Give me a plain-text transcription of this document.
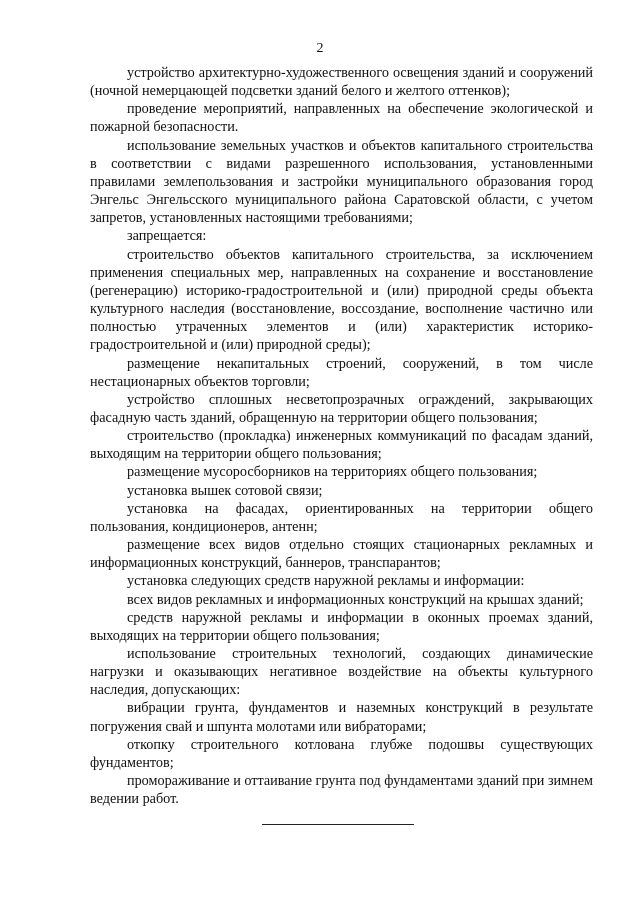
2

устройство архитектурно-художественного освещения зданий и сооружений (ночной немерцающей подсветки зданий белого и желтого оттенков);

проведение мероприятий, направленных на обеспечение экологической и пожарной безопасности.

использование земельных участков и объектов капитального строительства в соответствии с видами разрешенного использования, установленными правилами землепользования и застройки муниципального образования город Энгельс Энгельсского муниципального района Саратовской области, с учетом запретов, установленных настоящими требованиями;

запрещается:

строительство объектов капитального строительства, за исключением применения специальных мер, направленных на сохранение и восстановление (регенерацию) историко-градостроительной и (или) природной среды объекта культурного наследия (восстановление, воссоздание, восполнение частично или полностью утраченных элементов и (или) характеристик историко-градостроительной и (или) природной среды);

размещение некапитальных строений, сооружений, в том числе нестационарных объектов торговли;

устройство сплошных несветопрозрачных ограждений, закрывающих фасадную часть зданий, обращенную на территории общего пользования;

строительство (прокладка) инженерных коммуникаций по фасадам зданий, выходящим на территории общего пользования;

размещение мусоросборников на территориях общего пользования;

установка вышек сотовой связи;

установка на фасадах, ориентированных на территории общего пользования, кондиционеров, антенн;

размещение всех видов отдельно стоящих стационарных рекламных и информационных конструкций, баннеров, транспарантов;

установка следующих средств наружной рекламы и информации:

всех видов рекламных и информационных конструкций на крышах зданий;

средств наружной рекламы и информации в оконных проемах зданий, выходящих на территории общего пользования;

использование строительных технологий, создающих динамические нагрузки и оказывающих негативное воздействие на объекты культурного наследия, допускающих:

вибрации грунта, фундаментов и наземных конструкций в результате погружения свай и шпунта молотами или вибраторами;

откопку строительного котлована глубже подошвы существующих фундаментов;

промораживание и оттаивание грунта под фундаментами зданий при зимнем ведении работ.
